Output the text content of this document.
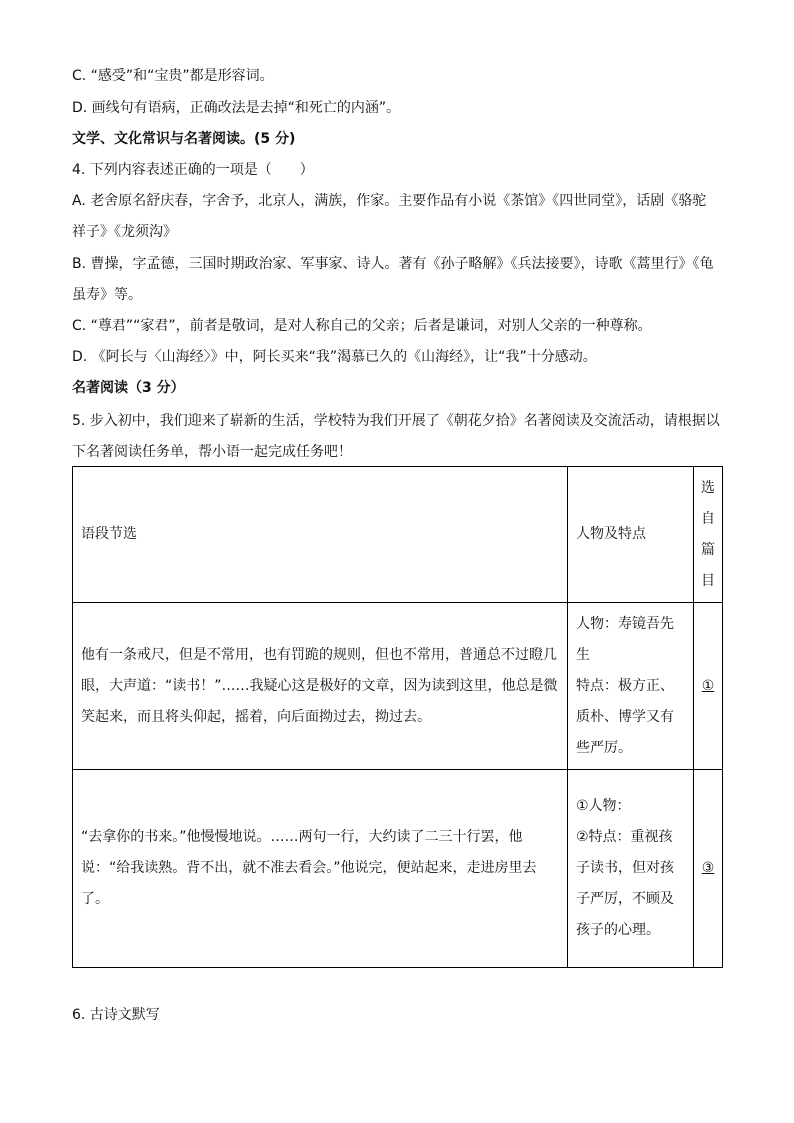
C. “感受”和“宝贵”都是形容词。
D. 画线句有语病，正确改法是去掉“和死亡的内涵”。
文学、文化常识与名著阅读。(5 分)
4. 下列内容表述正确的一项是（　　）
A. 老舍原名舒庆春，字舍予，北京人，满族，作家。主要作品有小说《茶馆》《四世同堂》，话剧《骆驼
祥子》《龙须沟》
B. 曹操，字孟德，三国时期政治家、军事家、诗人。著有《孙子略解》《兵法接要》，诗歌《蒿里行》《龟
虽寿》等。
C. “尊君”“家君”，前者是敬词，是对人称自己的父亲；后者是谦词，对别人父亲的一种尊称。
D. 《阿长与〈山海经〉》中，阿长买来“我”渴慕已久的《山海经》，让“我”十分感动。
名著阅读（3 分）
5. 步入初中，我们迎来了崭新的生活，学校特为我们开展了《朝花夕拾》名著阅读及交流活动，请根据以
下名著阅读任务单，帮小语一起完成任务吧！
语段节选	人物及特点	选自篇目

他有一条戒尺，但是不常用，也有罚跪的规则，但也不常用，普通总不过瞪几眼，大声道：“读书！”……我疑心这是极好的文章，因为读到这里，他总是微笑起来，而且将头仰起，摇着，向后面拗过去，拗过去。	人物：寿镜吾先生
特点：极方正、质朴、博学又有些严厉。	①
“去拿你的书来。”他慢慢地说。……两句一行，大约读了二三十行罢，他说：“给我读熟。背不出，就不准去看会。”他说完，便站起来，走进房里去了。	①人物：
②特点：重视孩子读书，但对孩子严厉，不顾及孩子的心理。	③
6. 古诗文默写
